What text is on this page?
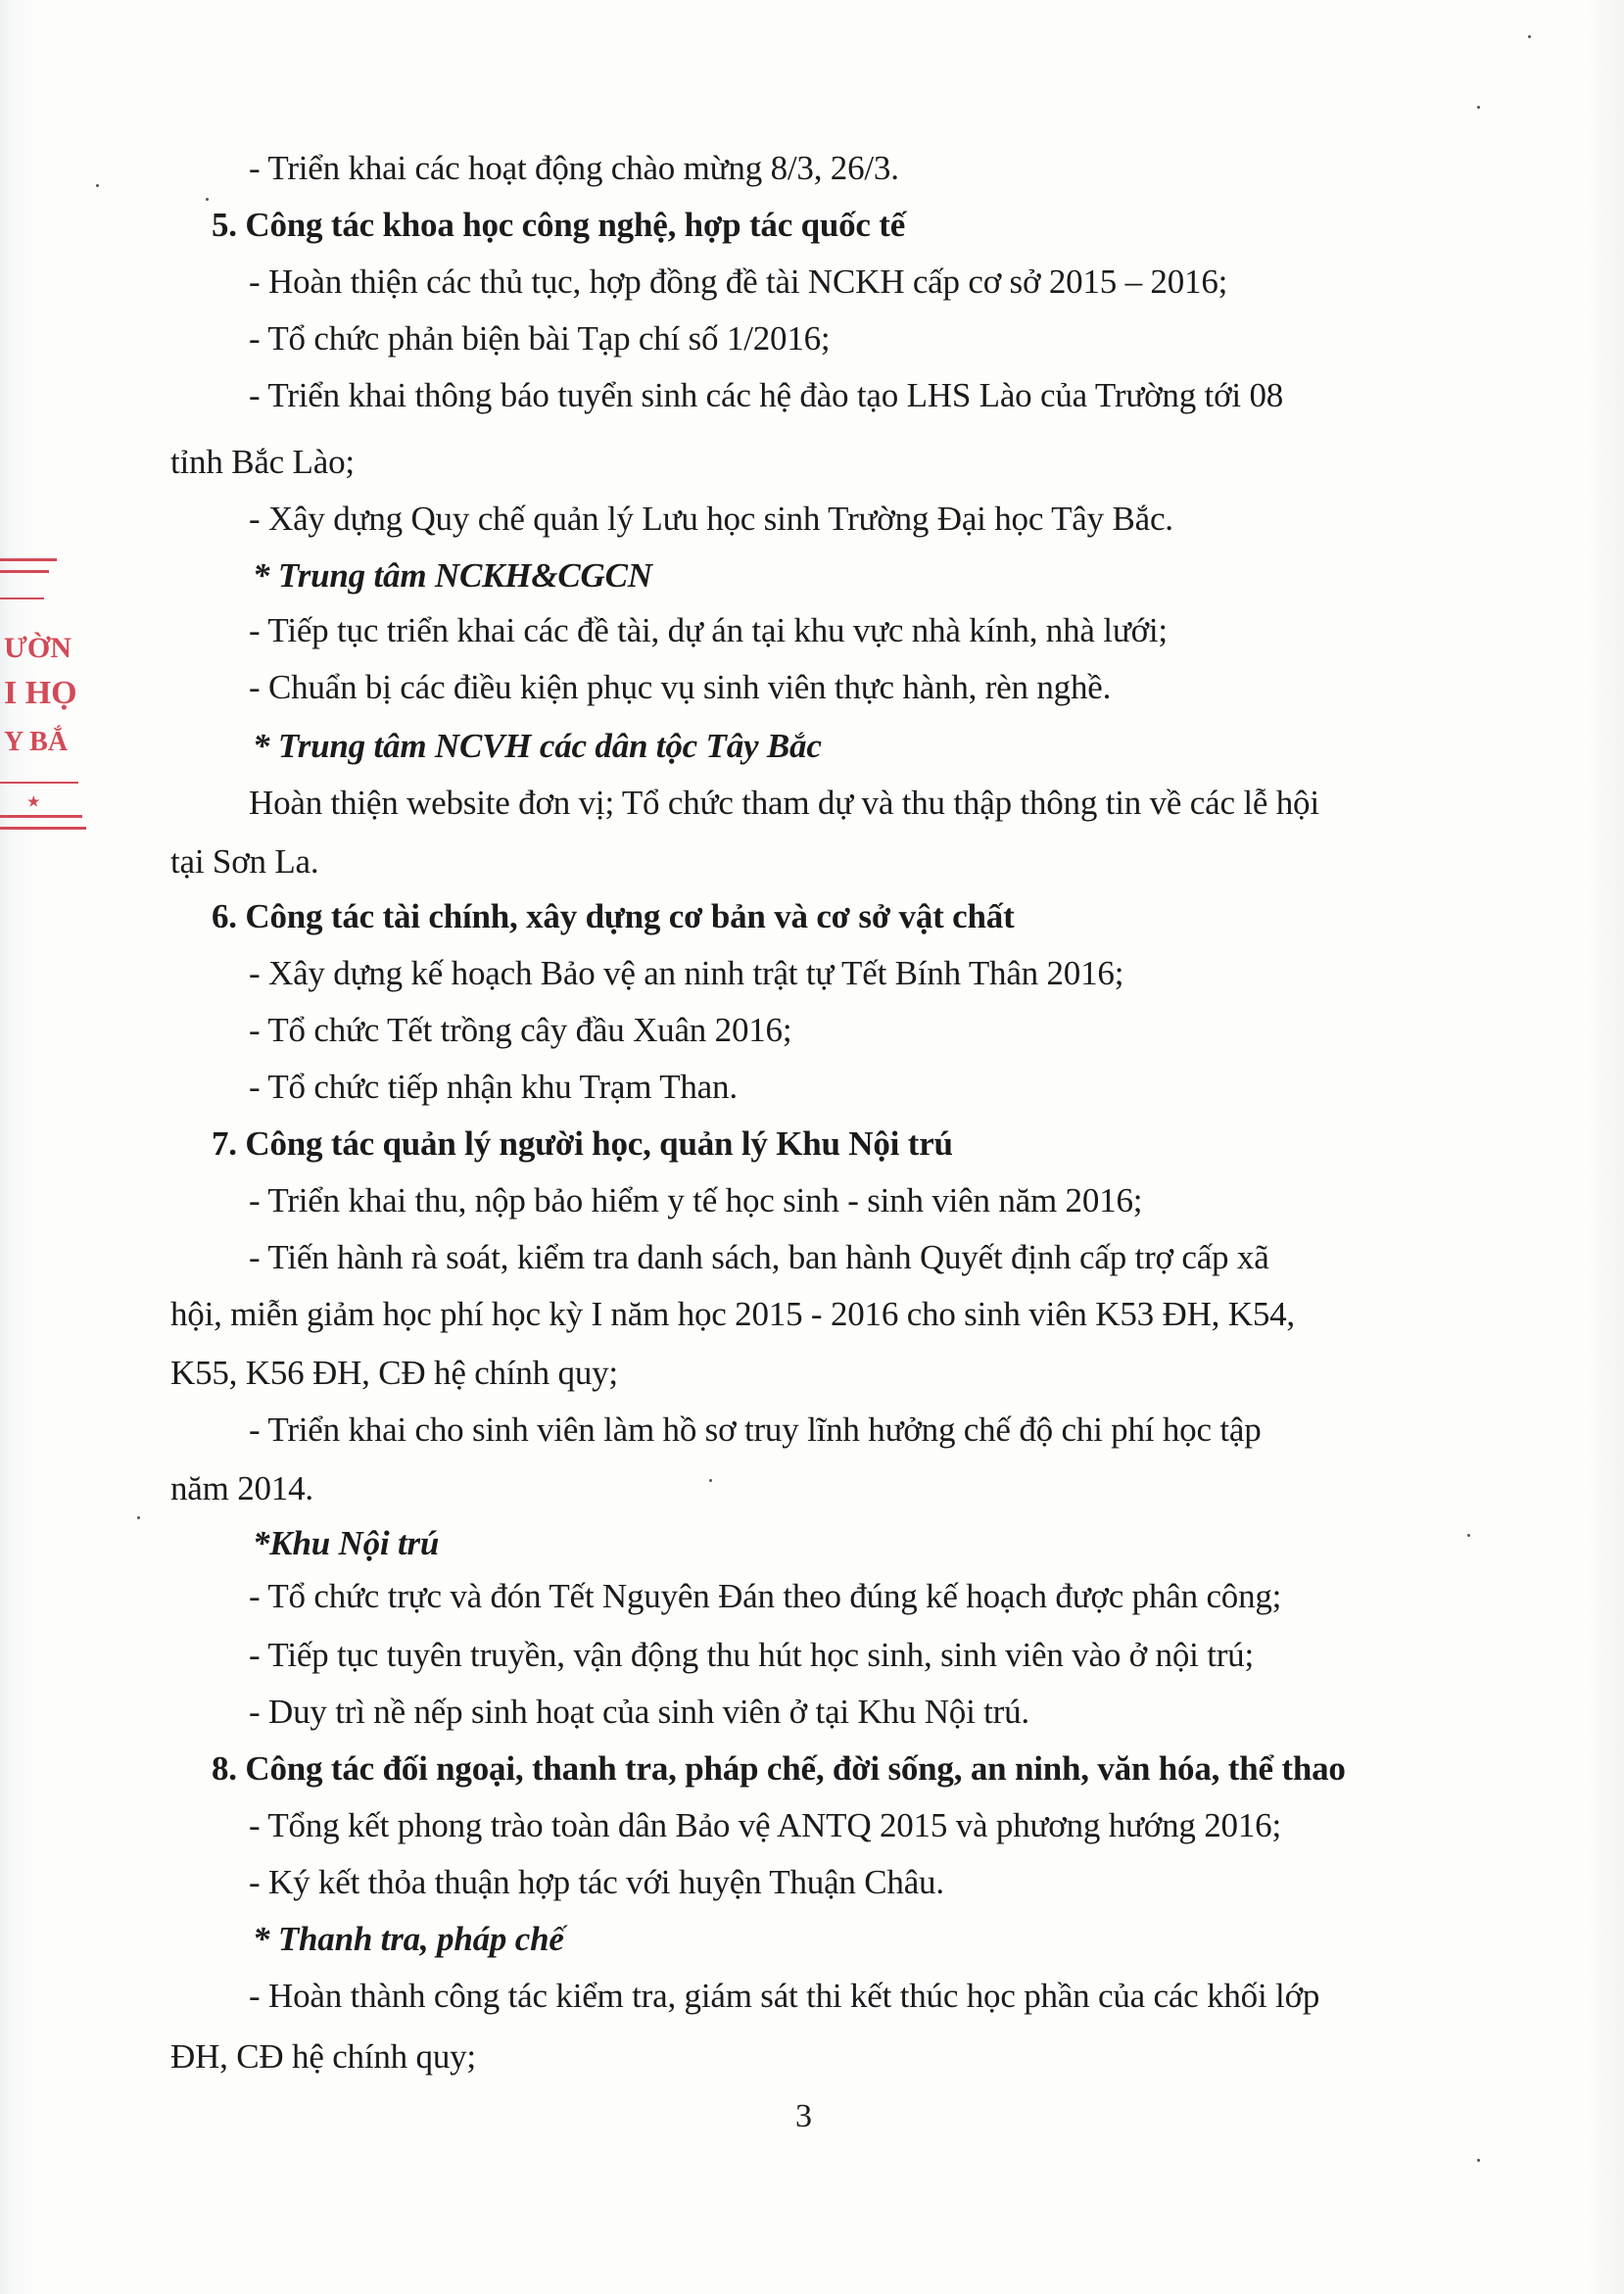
ƯỜN
I HỌ
Y BẮ
★
- Triển khai các hoạt động chào mừng 8/3, 26/3.
5. Công tác khoa học công nghệ, hợp tác quốc tế
- Hoàn thiện các thủ tục, hợp đồng đề tài NCKH cấp cơ sở 2015 – 2016;
- Tổ chức phản biện bài Tạp chí số 1/2016;
- Triển khai thông báo tuyển sinh các hệ đào tạo LHS Lào của Trường tới 08
tỉnh Bắc Lào;
- Xây dựng Quy chế quản lý Lưu học sinh Trường Đại học Tây Bắc.
* Trung tâm NCKH&CGCN
- Tiếp tục triển khai các đề tài, dự án tại khu vực nhà kính, nhà lưới;
- Chuẩn bị các điều kiện phục vụ sinh viên thực hành, rèn nghề.
* Trung tâm NCVH các dân tộc Tây Bắc
Hoàn thiện website đơn vị; Tổ chức tham dự và thu thập thông tin về các lễ hội
tại Sơn La.
6. Công tác tài chính, xây dựng cơ bản và cơ sở vật chất
- Xây dựng kế hoạch Bảo vệ an ninh trật tự Tết Bính Thân 2016;
- Tổ chức Tết trồng cây đầu Xuân 2016;
- Tổ chức tiếp nhận khu Trạm Than.
7. Công tác quản lý người học, quản lý Khu Nội trú
- Triển khai thu, nộp bảo hiểm y tế học sinh - sinh viên năm 2016;
- Tiến hành rà soát, kiểm tra danh sách, ban hành Quyết định cấp trợ cấp xã
hội, miễn giảm học phí học kỳ I năm học 2015 - 2016 cho sinh viên K53 ĐH, K54,
K55, K56 ĐH, CĐ hệ chính quy;
- Triển khai cho sinh viên làm hồ sơ truy lĩnh hưởng chế độ chi phí học tập
năm 2014.
*Khu Nội trú
- Tổ chức trực và đón Tết Nguyên Đán theo đúng kế hoạch được phân công;
- Tiếp tục tuyên truyền, vận động thu hút học sinh, sinh viên vào ở nội trú;
- Duy trì nề nếp sinh hoạt của sinh viên ở tại Khu Nội trú.
8. Công tác đối ngoại, thanh tra, pháp chế, đời sống, an ninh, văn hóa, thể thao
- Tổng kết phong trào toàn dân Bảo vệ ANTQ 2015 và phương hướng 2016;
- Ký kết thỏa thuận hợp tác với huyện Thuận Châu.
* Thanh tra, pháp chế
- Hoàn thành công tác kiểm tra, giám sát thi kết thúc học phần của các khối lớp
ĐH, CĐ hệ chính quy;
3
